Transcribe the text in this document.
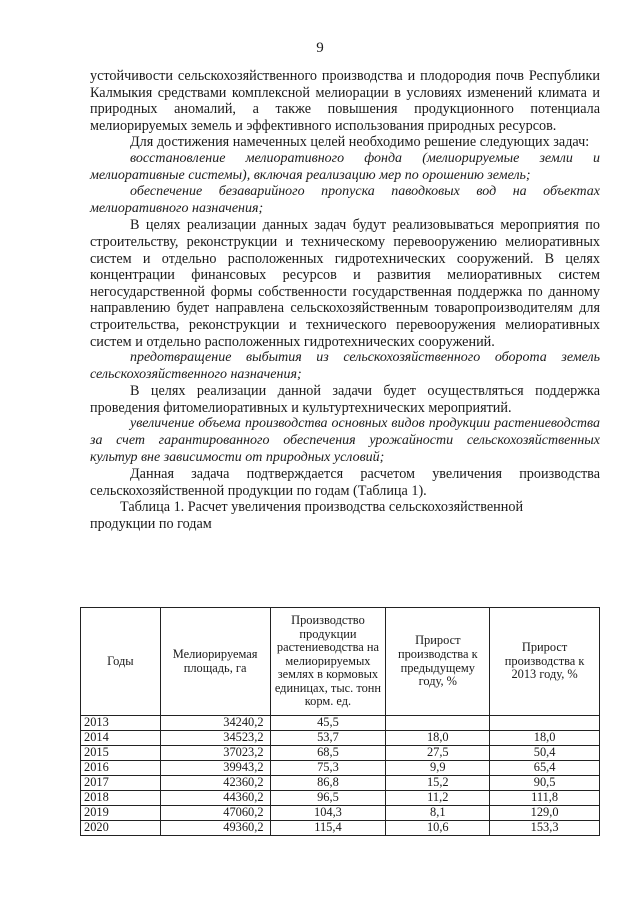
9

устойчивости сельскохозяйственного производства и плодородия почв Республики Калмыкия средствами комплексной мелиорации в условиях изменений климата и природных аномалий, а также повышения продукционного потенциала мелиорируемых земель и эффективного использования природных ресурсов.

Для достижения намеченных целей необходимо решение следующих задач:

восстановление мелиоративного фонда (мелиорируемые земли и мелиоративные системы), включая реализацию мер по орошению земель;

обеспечение безаварийного пропуска паводковых вод на объектах мелиоративного назначения;

В целях реализации данных задач будут реализовываться мероприятия по строительству, реконструкции и техническому перевооружению мелиоративных систем и отдельно расположенных гидротехнических сооружений. В целях концентрации финансовых ресурсов и развития мелиоративных систем негосударственной формы собственности государственная поддержка по данному направлению будет направлена сельскохозяйственным товаропроизводителям для строительства, реконструкции и технического перевооружения мелиоративных систем и отдельно расположенных гидротехнических сооружений.

предотвращение выбытия из сельскохозяйственного оборота земель сельскохозяйственного назначения;

В целях реализации данной задачи будет осуществляться поддержка проведения фитомелиоративных и культуртехнических мероприятий.

увеличение объема производства основных видов продукции растениеводства за счет гарантированного обеспечения урожайности сельскохозяйственных культур вне зависимости от природных условий;

Данная задача подтверждается расчетом увеличения производства сельскохозяйственной продукции по годам (Таблица 1).

Таблица 1. Расчет увеличения производства сельскохозяйственной

продукции по годам

Годы	Мелиорируемая площадь, га	Производство продукции растениеводства на мелиорируемых землях в кормовых единицах, тыс. тонн корм. ед.	Прирост производства к предыдущему году, %	Прирост производства к 2013 году, %
2013	34240,2	45,5		
2014	34523,2	53,7	18,0	18,0
2015	37023,2	68,5	27,5	50,4
2016	39943,2	75,3	9,9	65,4
2017	42360,2	86,8	15,2	90,5
2018	44360,2	96,5	11,2	111,8
2019	47060,2	104,3	8,1	129,0
2020	49360,2	115,4	10,6	153,3
